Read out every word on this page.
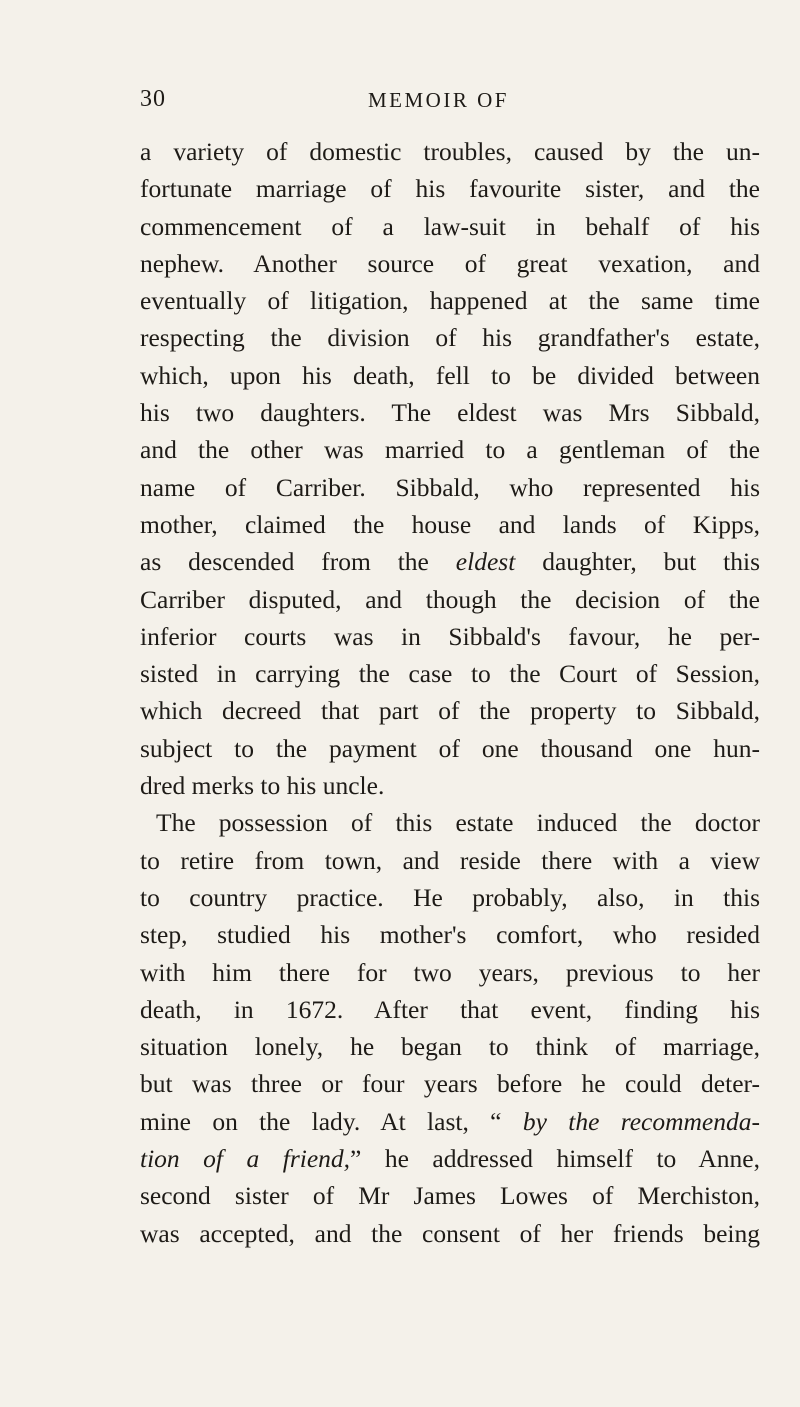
30	MEMOIR OF
a variety of domestic troubles, caused by the un-
fortunate marriage of his favourite sister, and the
commencement of a law-suit in behalf of his
nephew. Another source of great vexation, and
eventually of litigation, happened at the same time
respecting the division of his grandfather's estate,
which, upon his death, fell to be divided between
his two daughters. The eldest was Mrs Sibbald,
and the other was married to a gentleman of the
name of Carriber. Sibbald, who represented his
mother, claimed the house and lands of Kipps,
as descended from the eldest daughter, but this
Carriber disputed, and though the decision of the
inferior courts was in Sibbald's favour, he per-
sisted in carrying the case to the Court of Session,
which decreed that part of the property to Sibbald,
subject to the payment of one thousand one hun-
dred merks to his uncle.
The possession of this estate induced the doctor
to retire from town, and reside there with a view
to country practice. He probably, also, in this
step, studied his mother's comfort, who resided
with him there for two years, previous to her
death, in 1672. After that event, finding his
situation lonely, he began to think of marriage,
but was three or four years before he could deter-
mine on the lady. At last, “ by the recommenda-
tion of a friend,” he addressed himself to Anne,
second sister of Mr James Lowes of Merchiston,
was accepted, and the consent of her friends being
